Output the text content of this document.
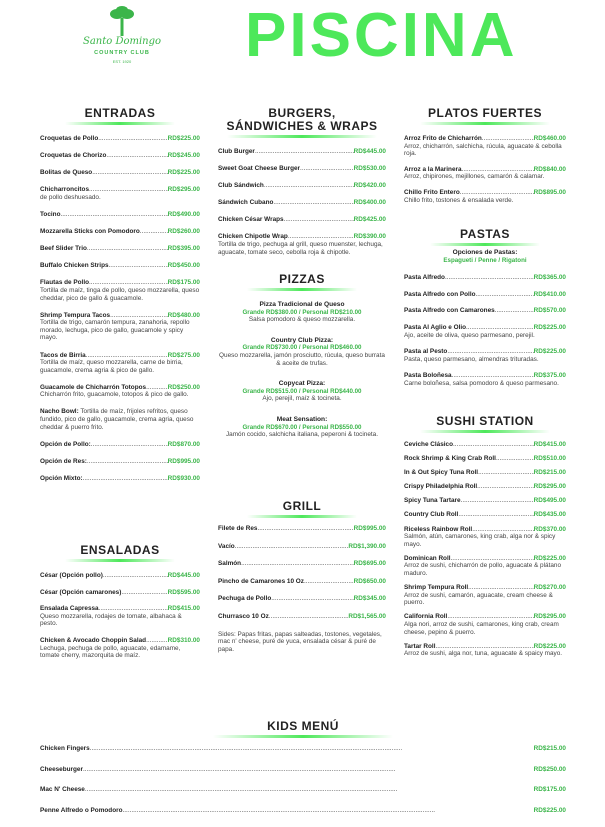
Santo Domingo
COUNTRY CLUB
EST. 1920	PISCINA
ENTRADAS
Croquetas de Pollo .....	RD$225.00
Croquetas de Chorizo .....	RD$245.00
Bolitas de Queso .....	RD$225.00
Chicharroncitos .....	RD$295.00
de pollo deshuesado.
Tocino .....	RD$490.00
Mozzarella Sticks con Pomodoro .....	RD$260.00
Beef Slider Trio .....	RD$395.00
Buffalo Chicken Strips .....	RD$450.00
Flautas de Pollo .....	RD$175.00
Tortilla de maíz, tinga de pollo, queso mozzarella, queso cheddar, pico de gallo & guacamole.
Shrimp Tempura Tacos .....	RD$480.00
Tortilla de trigo, camarón tempura, zanahoria, repollo morado, lechuga, pico de gallo, guacamole y spicy mayo.
Tacos de Birria .....	RD$275.00
Tortilla de maíz, queso mozzarella, carne de birria, guacamole, crema agria & pico de gallo.
Guacamole de Chicharrón Totopos .....	RD$250.00
Chicharrón frito, guacamole, totopos & pico de gallo.
Nacho Bowl: Tortilla de maíz, frijoles refritos, queso fundido, pico de gallo, guacamole, crema agria, queso cheddar & puerro frito.
Opción de Pollo: .....	RD$870.00
Opción de Res: .....	RD$995.00
Opción Mixto: .....	RD$930.00
ENSALADAS
César (Opción pollo) .....	RD$445.00
César (Opción camarones) .....	RD$595.00
Ensalada Capressa .....	RD$415.00
Queso mozzarella, rodajes de tomate, albahaca & pesto.
Chicken & Avocado Choppin Salad .....	RD$310.00
Lechuga, pechuga de pollo, aguacate, edamame, tomate cherry, mazorquita de maíz.
BURGERS,
SÁNDWICHES & WRAPS
Club Burger .....	RD$445.00
Sweet Goat Cheese Burger .....	RD$530.00
Club Sándwich .....	RD$420.00
Sándwich Cubano .....	RD$400.00
Chicken César Wraps .....	RD$425.00
Chicken Chipotle Wrap .....	RD$390.00
Tortilla de trigo, pechuga al grill, queso muenster, lechuga, aguacate, tomate seco, cebolla roja & chipotle.
PIZZAS
Pizza Tradicional de Queso
Grande RD$380.00 / Personal RD$210.00
Salsa pomodoro & queso mozzarella.
Country Club Pizza:
Grande RD$730.00 / Personal RD$460.00
Queso mozzarella, jamón prosciutto, rúcula, queso burrata & aceite de trufas.
Copycat Pizza:
Grande RD$515.00 / Personal RD$440.00
Ajo, perejil, maíz & tocineta.
Meat Sensation:
Grande RD$670.00 / Personal RD$550.00
Jamón cocido, salchicha italiana, peperoni & tocineta.
GRILL
Filete de Res .....	RD$995.00
Vacío .....	RD$1,390.00
Salmón .....	RD$695.00
Pincho de Camarones 10 Oz .....	RD$650.00
Pechuga de Pollo .....	RD$345.00
Churrasco 10 Oz .....	RD$1,565.00
Sides: Papas fritas, papas salteadas, tostones, vegetales, mac n' cheese, puré de yuca, ensalada césar & puré de papa.
PLATOS FUERTES
Arroz Frito de Chicharrón .....	RD$460.00
Arroz, chicharrón, salchicha, rúcula, aguacate & cebolla roja.
Arroz a la Marinera .....	RD$840.00
Arroz, chipirones, mejillones, camarón & calamar.
Chillo Frito Entero .....	RD$895.00
Chillo frito, tostones & ensalada verde.
PASTAS
Opciones de Pastas:
Espagueti / Penne / Rigatoni
Pasta Alfredo .....	RD$365.00
Pasta Alfredo con Pollo .....	RD$410.00
Pasta Alfredo con Camarones .....	RD$570.00
Pasta Al Aglio e Olio .....	RD$225.00
Ajo, aceite de oliva, queso parmesano, perejil.
Pasta al Pesto .....	RD$225.00
Pasta, queso parmesano, almendras trituradas.
Pasta Boloñesa .....	RD$375.00
Carne boloñesa, salsa pomodoro & queso parmesano.
SUSHI STATION
Ceviche Clásico .....	RD$415.00
Rock Shrimp & King Crab Roll .....	RD$510.00
In & Out Spicy Tuna Roll .....	RD$215.00
Crispy Philadelphia Roll .....	RD$295.00
Spicy Tuna Tartare .....	RD$495.00
Country Club Roll .....	RD$435.00
Riceless Rainbow Roll .....	RD$370.00
Salmón, atún, camarones, king crab, alga nor & spicy mayo.
Dominican Roll .....	RD$225.00
Arroz de sushi, chicharrón de pollo, aguacate & plátano maduro.
Shrimp Tempura Roll .....	RD$270.00
Arroz de sushi, camarón, aguacate, cream cheese & puerro.
California Roll .....	RD$295.00
Alga nori, arroz de sushi, camarones, king crab, cream cheese, pepino & puerro.
Tartar Roll .....	RD$225.00
Arroz de sushi, alga nor, tuna, aguacate & spaicy mayo.
KIDS MENÚ
Chicken Fingers .....	RD$215.00
Cheeseburger .....	RD$250.00
Mac N' Cheese .....	RD$175.00
Penne Alfredo o Pomodoro .....	RD$225.00
